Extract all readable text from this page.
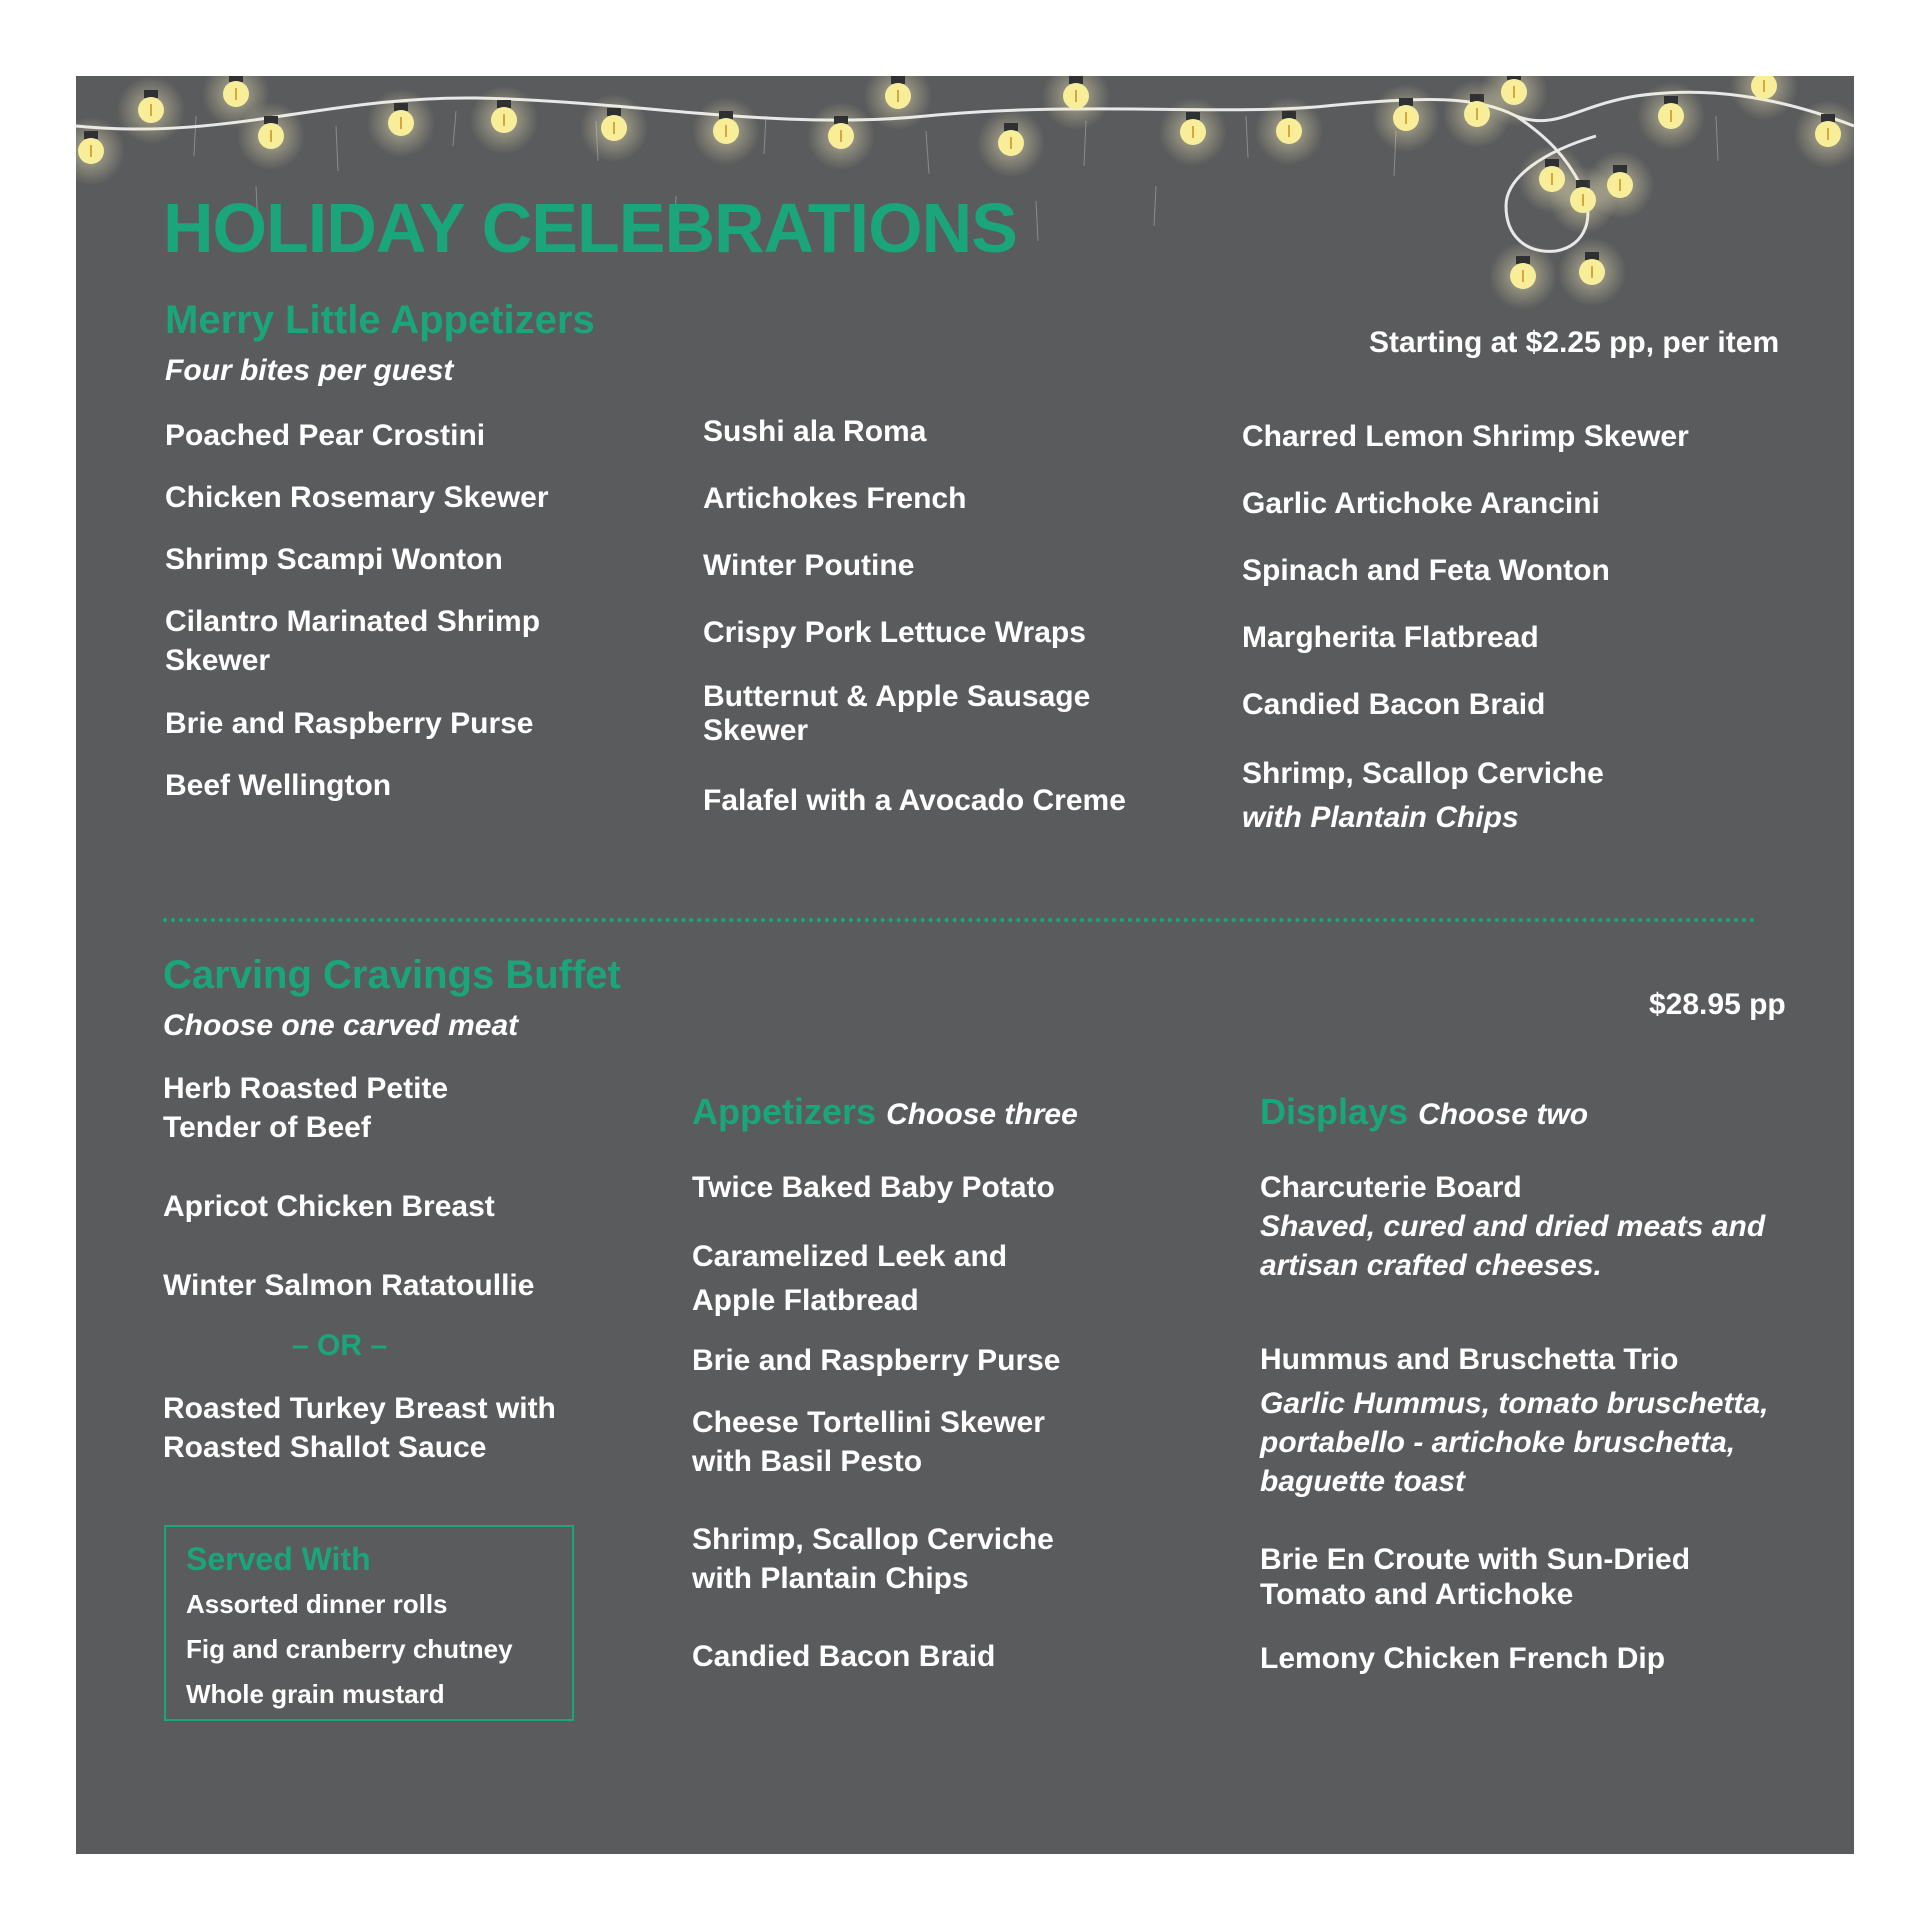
HOLIDAY CELEBRATIONS
Merry Little Appetizers
Four bites per guest
Starting at $2.25 pp, per item
Poached Pear Crostini
Chicken Rosemary Skewer
Shrimp Scampi Wonton
Cilantro Marinated Shrimp Skewer
Brie and Raspberry Purse
Beef Wellington
Sushi ala Roma
Artichokes French
Winter Poutine
Crispy Pork Lettuce Wraps
Butternut & Apple Sausage Skewer
Falafel with a Avocado Creme
Charred Lemon Shrimp Skewer
Garlic Artichoke Arancini
Spinach and Feta Wonton
Margherita Flatbread
Candied Bacon Braid
Shrimp, Scallop Cerviche
with Plantain Chips
Carving Cravings Buffet
Choose one carved meat
$28.95 pp
Herb Roasted Petite Tender of Beef
Apricot Chicken Breast
Winter Salmon Ratatoullie
– OR –
Roasted Turkey Breast with Roasted Shallot Sauce
Served With
Assorted dinner rolls
Fig and cranberry chutney
Whole grain mustard
Appetizers Choose three
Twice Baked Baby Potato
Caramelized Leek and Apple Flatbread
Brie and Raspberry Purse
Cheese Tortellini Skewer with Basil Pesto
Shrimp, Scallop Cerviche with Plantain Chips
Candied Bacon Braid
Displays Choose two
Charcuterie Board
Shaved, cured and dried meats and artisan crafted cheeses.
Hummus and Bruschetta Trio
Garlic Hummus, tomato bruschetta, portabello - artichoke bruschetta, baguette toast
Brie En Croute with Sun-Dried Tomato and Artichoke
Lemony Chicken French Dip
